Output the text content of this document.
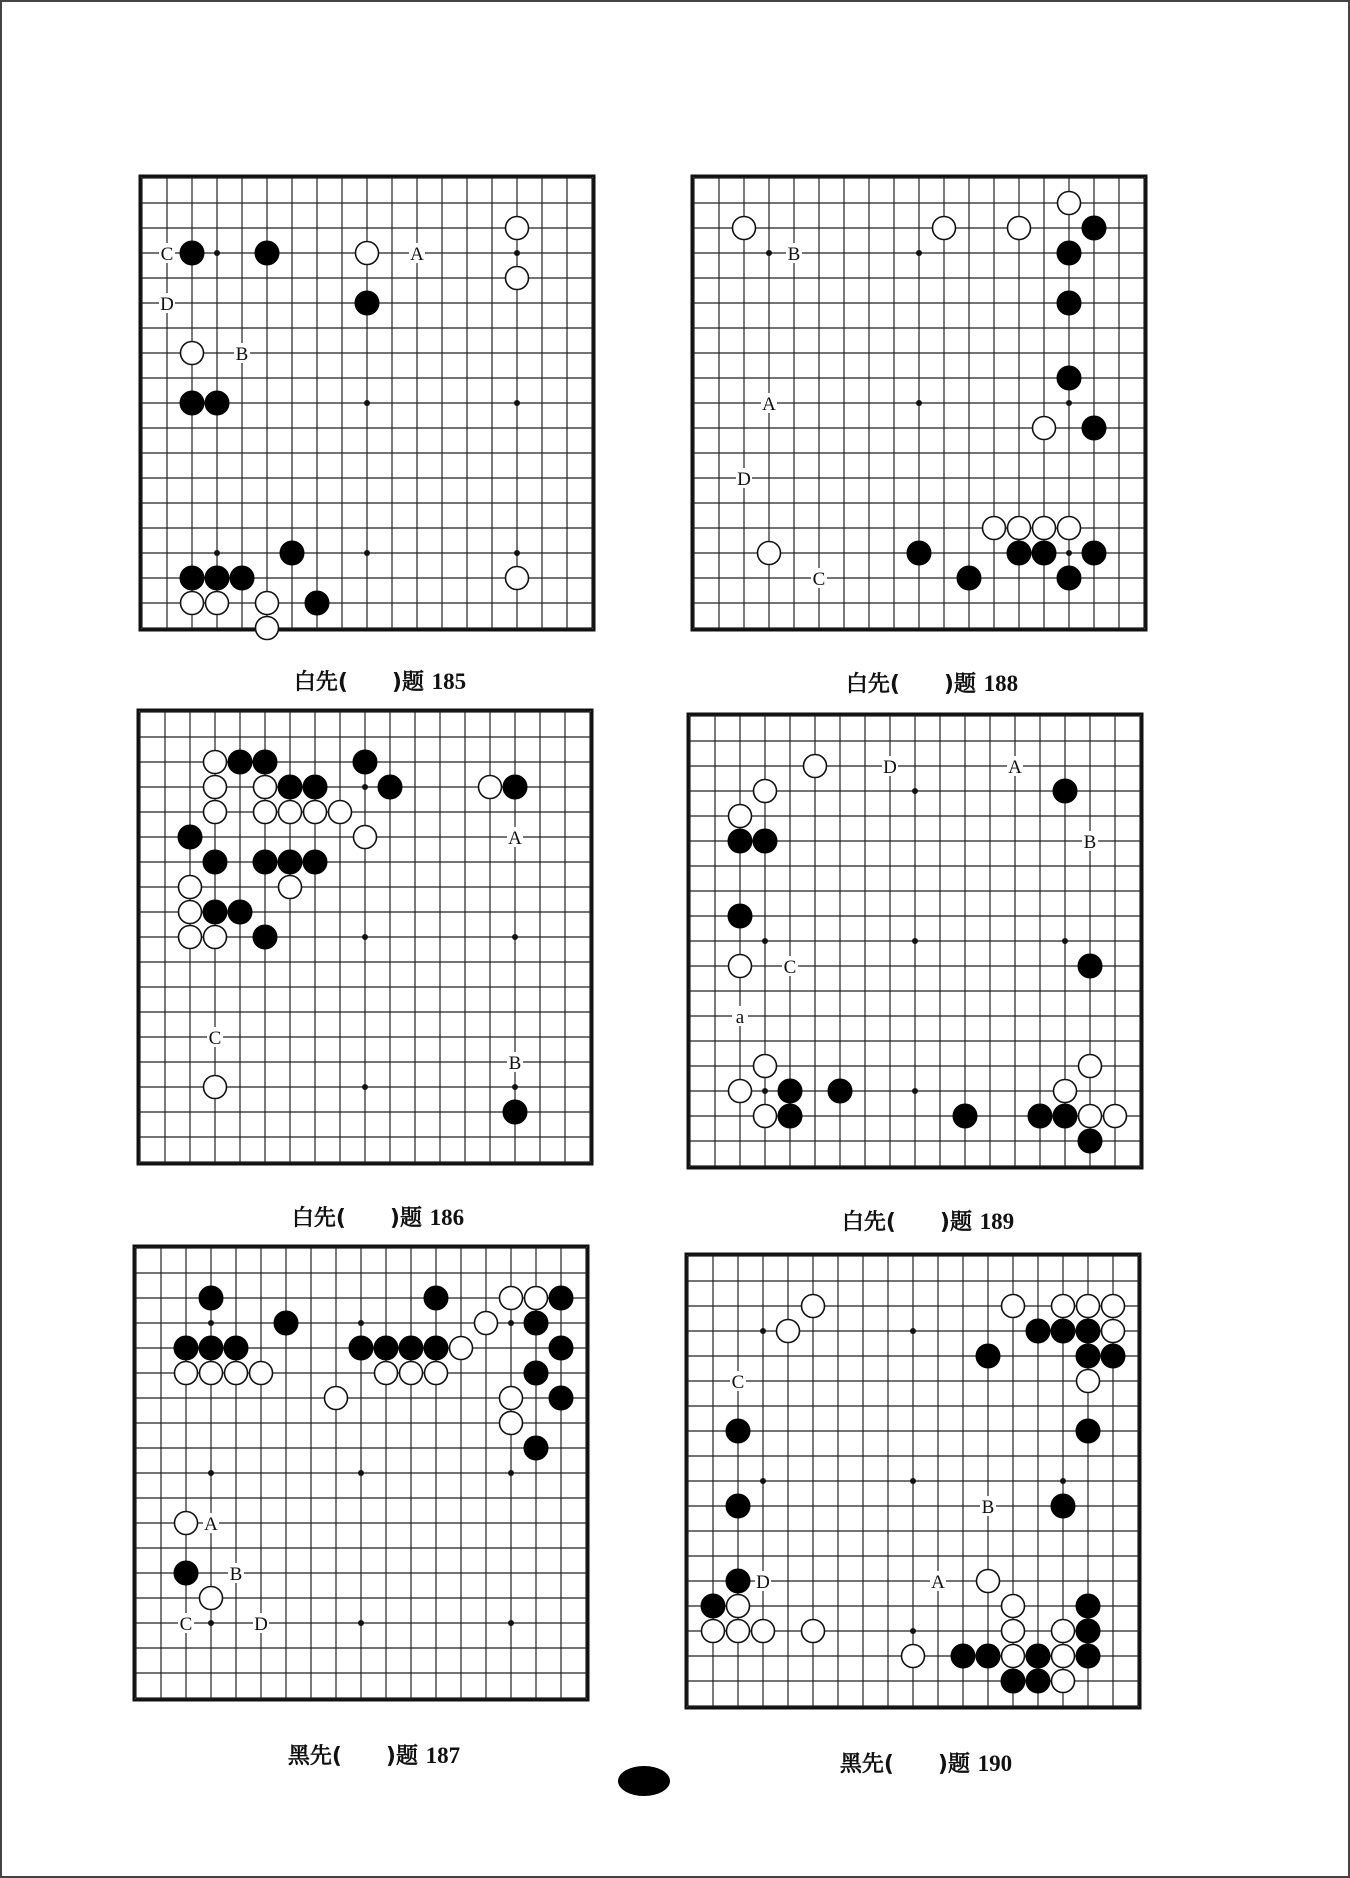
A
C
D
B

白先(　　 )题 185

B
A
D
C

白先(　　 )题 188

A
C
B

白先(　　 )题 186

D	A
B
C
a

白先(　　 )题 189

A
B
C	D

黑先(　　 )题 187

C
B
D	A

黑先(　　 )题 190
